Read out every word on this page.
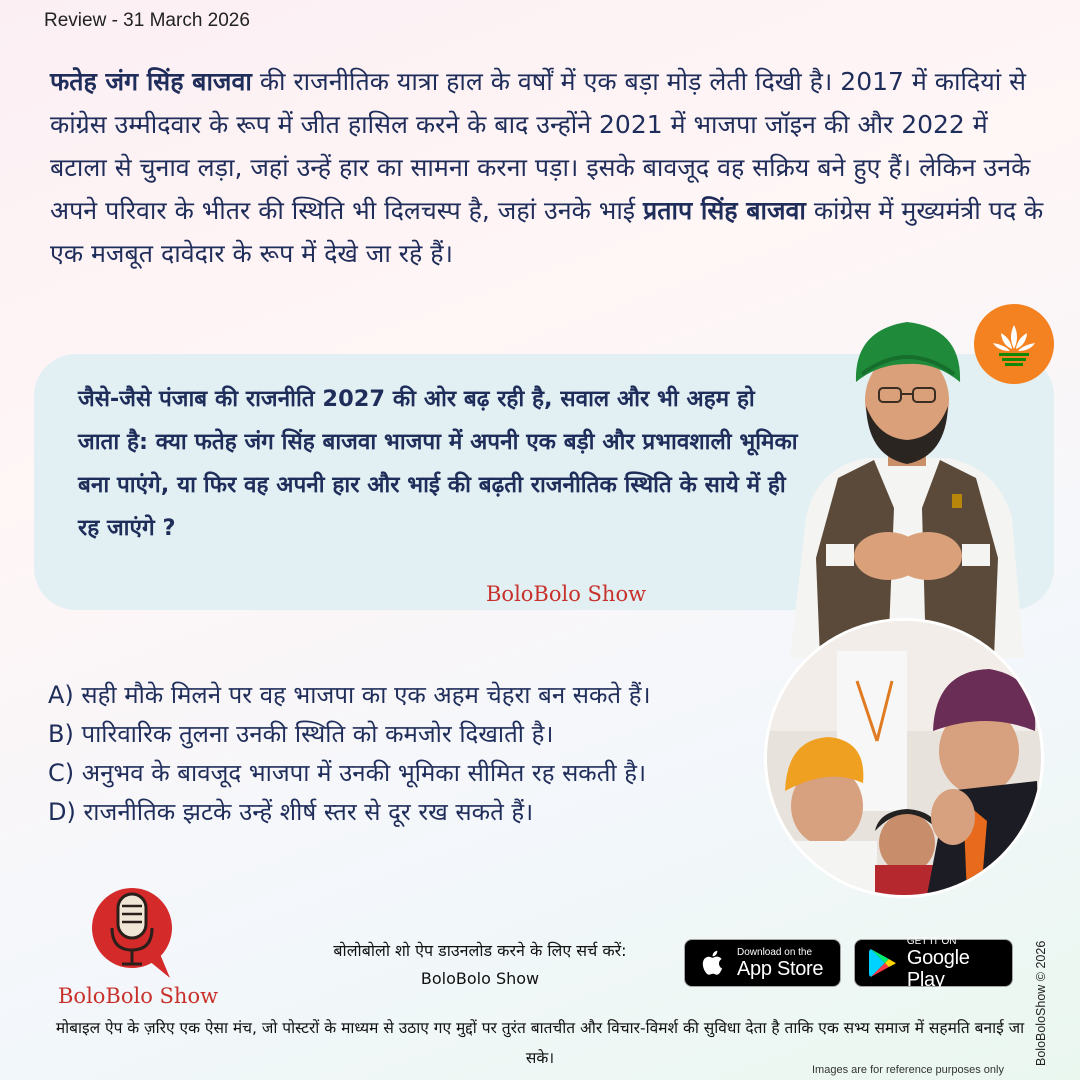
Review - 31 March 2026
फतेह जंग सिंह बाजवा की राजनीतिक यात्रा हाल के वर्षों में एक बड़ा मोड़ लेती दिखी है। 2017 में कादियां से कांग्रेस उम्मीदवार के रूप में जीत हासिल करने के बाद उन्होंने 2021 में भाजपा जॉइन की और 2022 में बटाला से चुनाव लड़ा, जहां उन्हें हार का सामना करना पड़ा। इसके बावजूद वह सक्रिय बने हुए हैं। लेकिन उनके अपने परिवार के भीतर की स्थिति भी दिलचस्प है, जहां उनके भाई प्रताप सिंह बाजवा कांग्रेस में मुख्यमंत्री पद के एक मजबूत दावेदार के रूप में देखे जा रहे हैं।
जैसे-जैसे पंजाब की राजनीति 2027 की ओर बढ़ रही है, सवाल और भी अहम हो जाता है: क्या फतेह जंग सिंह बाजवा भाजपा में अपनी एक बड़ी और प्रभावशाली भूमिका बना पाएंगे, या फिर वह अपनी हार और भाई की बढ़ती राजनीतिक स्थिति के साये में ही रह जाएंगे ?
BoloBolo Show
A) सही मौके मिलने पर वह भाजपा का एक अहम चेहरा बन सकते हैं।
B) पारिवारिक तुलना उनकी स्थिति को कमजोर दिखाती है।
C) अनुभव के बावजूद भाजपा में उनकी भूमिका सीमित रह सकती है।
D) राजनीतिक झटके उन्हें शीर्ष स्तर से दूर रख सकते हैं।
BoloBolo Show
बोलोबोलो शो ऐप डाउनलोड करने के लिए सर्च करें:
BoloBolo Show
Download on the
App Store
GET IT ON
Google Play
मोबाइल ऐप के ज़रिए एक ऐसा मंच, जो पोस्टरों के माध्यम से उठाए गए मुद्दों पर तुरंत बातचीत और विचार-विमर्श की सुविधा देता है ताकि एक सभ्य समाज में सहमति बनाई जा सके।	BoloBoloShow © 2026
Images are for reference purposes only
